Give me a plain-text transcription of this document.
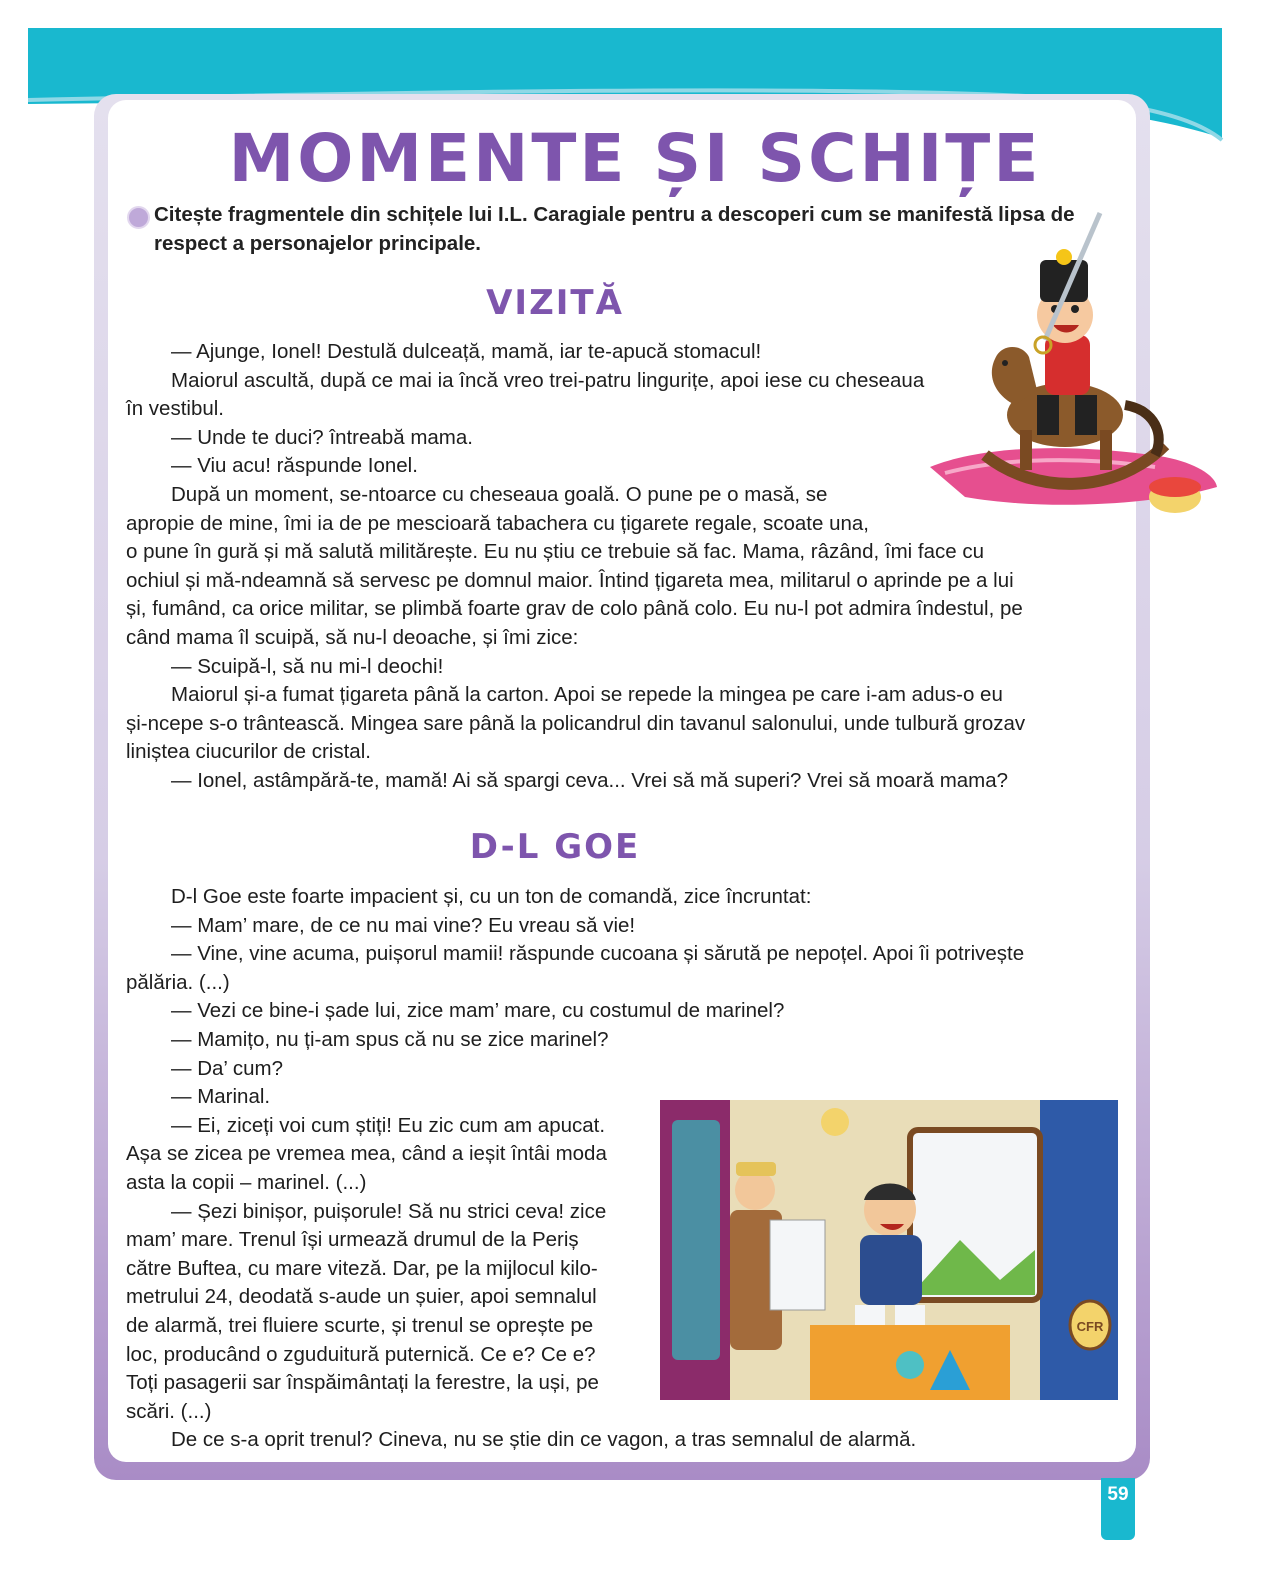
MOMENTE ȘI SCHIȚE

Citește fragmentele din schițele lui I.L. Caragiale pentru a descoperi cum se manifestă lipsa de respect a personajelor principale.

VIZITĂ

— Ajunge, Ionel! Destulă dulceață, mamă, iar te-apucă stomacul!

Maiorul ascultă, după ce mai ia încă vreo trei-patru lingurițe, apoi iese cu cheseaua

în vestibul.

— Unde te duci? întreabă mama.

— Viu acu! răspunde Ionel.

După un moment, se-ntoarce cu cheseaua goală. O pune pe o masă, se

apropie de mine, îmi ia de pe mescioară tabachera cu țigarete regale, scoate una,

o pune în gură și mă salută militărește. Eu nu știu ce trebuie să fac. Mama, râzând, îmi face cu

ochiul și mă-ndeamnă să servesc pe domnul maior. Întind țigareta mea, militarul o aprinde pe a lui

și, fumând, ca orice militar, se plimbă foarte grav de colo până colo. Eu nu-l pot admira îndestul, pe

când mama îl scuipă, să nu-l deoache, și îmi zice:

— Scuipă-l, să nu mi-l deochi!

Maiorul și-a fumat țigareta până la carton. Apoi se repede la mingea pe care i-am adus-o eu

și-ncepe s-o trântească. Mingea sare până la policandrul din tavanul salonului, unde tulbură grozav

liniștea ciucurilor de cristal.

— Ionel, astâmpără-te, mamă! Ai să spargi ceva... Vrei să mă superi? Vrei să moară mama?

D-L GOE

D-l Goe este foarte impacient și, cu un ton de comandă, zice încruntat:

— Mam’ mare, de ce nu mai vine? Eu vreau să vie!

— Vine, vine acuma, puișorul mamii! răspunde cucoana și sărută pe nepoțel. Apoi îi potrivește

pălăria. (...)

— Vezi ce bine-i șade lui, zice mam’ mare, cu costumul de marinel?

— Mamițo, nu ți-am spus că nu se zice marinel?

— Da’ cum?

— Marinal.

— Ei, ziceți voi cum știți! Eu zic cum am apucat.

Așa se zicea pe vremea mea, când a ieșit întâi moda

asta la copii – marinel. (...)

— Șezi binișor, puișorule! Să nu strici ceva! zice

mam’ mare. Trenul își urmează drumul de la Periș

către Buftea, cu mare viteză. Dar, pe la mijlocul kilo-

metrului 24, deodată s-aude un șuier, apoi semnalul

de alarmă, trei fluiere scurte, și trenul se oprește pe

loc, producând o zguduitură puternică. Ce e? Ce e?

Toți pasagerii sar înspăimântați la ferestre, la uși, pe

scări. (...)

De ce s-a oprit trenul? Cineva, nu se știe din ce vagon, a tras semnalul de alarmă.

CFR
59
